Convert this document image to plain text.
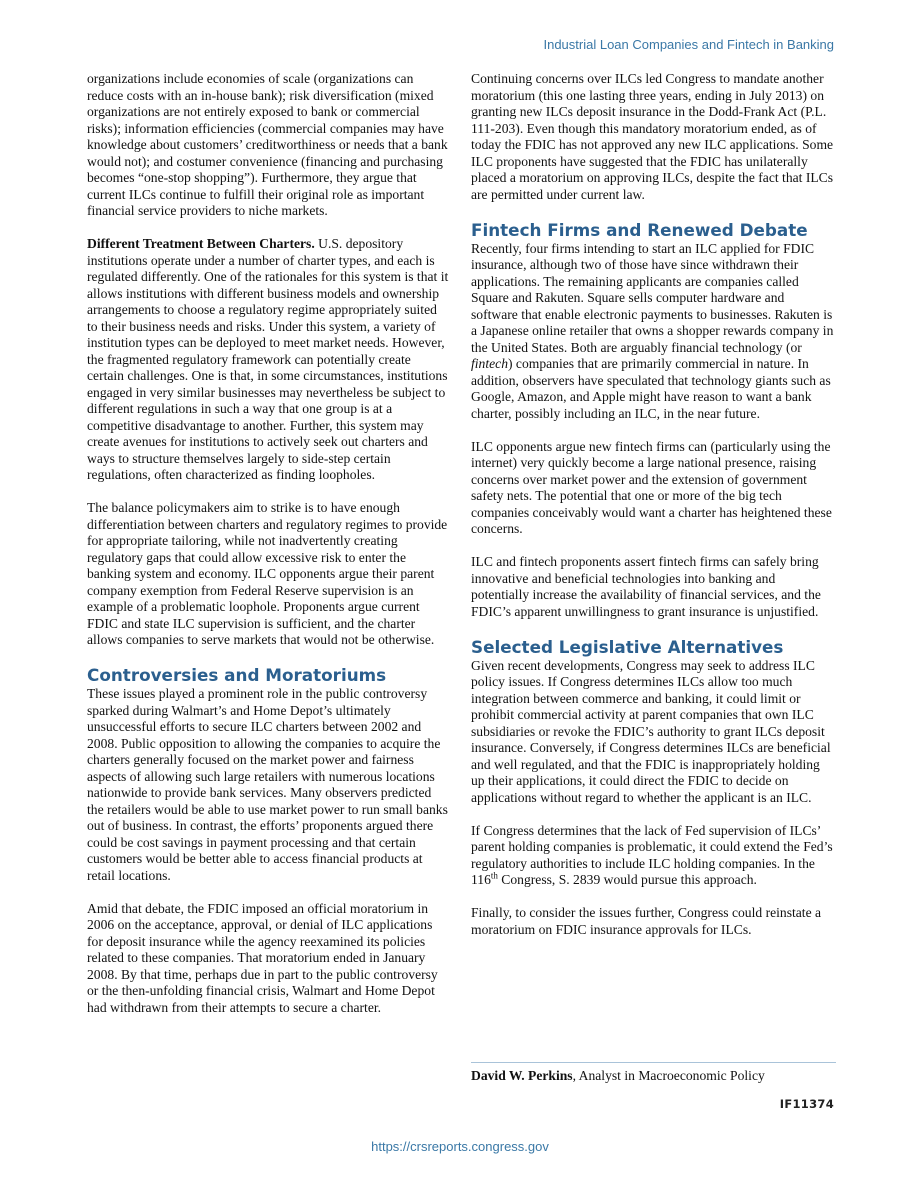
Industrial Loan Companies and Fintech in Banking

organizations include economies of scale (organizations can reduce costs with an in-house bank); risk diversification (mixed organizations are not entirely exposed to bank or commercial risks); information efficiencies (commercial companies may have knowledge about customers’ creditworthiness or needs that a bank would not); and costumer convenience (financing and purchasing becomes “one-stop shopping”). Furthermore, they argue that current ILCs continue to fulfill their original role as important financial service providers to niche markets.

Different Treatment Between Charters. U.S. depository institutions operate under a number of charter types, and each is regulated differently. One of the rationales for this system is that it allows institutions with different business models and ownership arrangements to choose a regulatory regime appropriately suited to their business needs and risks. Under this system, a variety of institution types can be deployed to meet market needs. However, the fragmented regulatory framework can potentially create certain challenges. One is that, in some circumstances, institutions engaged in very similar businesses may nevertheless be subject to different regulations in such a way that one group is at a competitive disadvantage to another. Further, this system may create avenues for institutions to actively seek out charters and ways to structure themselves largely to side-step certain regulations, often characterized as finding loopholes.

The balance policymakers aim to strike is to have enough differentiation between charters and regulatory regimes to provide for appropriate tailoring, while not inadvertently creating regulatory gaps that could allow excessive risk to enter the banking system and economy. ILC opponents argue their parent company exemption from Federal Reserve supervision is an example of a problematic loophole. Proponents argue current FDIC and state ILC supervision is sufficient, and the charter allows companies to serve markets that would not be otherwise.

Controversies and Moratoriums

These issues played a prominent role in the public controversy sparked during Walmart’s and Home Depot’s ultimately unsuccessful efforts to secure ILC charters between 2002 and 2008. Public opposition to allowing the companies to acquire the charters generally focused on the market power and fairness aspects of allowing such large retailers with numerous locations nationwide to provide bank services. Many observers predicted the retailers would be able to use market power to run small banks out of business. In contrast, the efforts’ proponents argued there could be cost savings in payment processing and that certain customers would be better able to access financial products at retail locations.

Amid that debate, the FDIC imposed an official moratorium in 2006 on the acceptance, approval, or denial of ILC applications for deposit insurance while the agency reexamined its policies related to these companies. That moratorium ended in January 2008. By that time, perhaps due in part to the public controversy or the then-unfolding financial crisis, Walmart and Home Depot had withdrawn from their attempts to secure a charter.

Continuing concerns over ILCs led Congress to mandate another moratorium (this one lasting three years, ending in July 2013) on granting new ILCs deposit insurance in the Dodd-Frank Act (P.L. 111-203). Even though this mandatory moratorium ended, as of today the FDIC has not approved any new ILC applications. Some ILC proponents have suggested that the FDIC has unilaterally placed a moratorium on approving ILCs, despite the fact that ILCs are permitted under current law.

Fintech Firms and Renewed Debate

Recently, four firms intending to start an ILC applied for FDIC insurance, although two of those have since withdrawn their applications. The remaining applicants are companies called Square and Rakuten. Square sells computer hardware and software that enable electronic payments to businesses. Rakuten is a Japanese online retailer that owns a shopper rewards company in the United States. Both are arguably financial technology (or fintech) companies that are primarily commercial in nature. In addition, observers have speculated that technology giants such as Google, Amazon, and Apple might have reason to want a bank charter, possibly including an ILC, in the near future.

ILC opponents argue new fintech firms can (particularly using the internet) very quickly become a large national presence, raising concerns over market power and the extension of government safety nets. The potential that one or more of the big tech companies conceivably would want a charter has heightened these concerns.

ILC and fintech proponents assert fintech firms can safely bring innovative and beneficial technologies into banking and potentially increase the availability of financial services, and the FDIC’s apparent unwillingness to grant insurance is unjustified.

Selected Legislative Alternatives

Given recent developments, Congress may seek to address ILC policy issues. If Congress determines ILCs allow too much integration between commerce and banking, it could limit or prohibit commercial activity at parent companies that own ILC subsidiaries or revoke the FDIC’s authority to grant ILCs deposit insurance. Conversely, if Congress determines ILCs are beneficial and well regulated, and that the FDIC is inappropriately holding up their applications, it could direct the FDIC to decide on applications without regard to whether the applicant is an ILC.

If Congress determines that the lack of Fed supervision of ILCs’ parent holding companies is problematic, it could extend the Fed’s regulatory authorities to include ILC holding companies. In the 116th Congress, S. 2839 would pursue this approach.

Finally, to consider the issues further, Congress could reinstate a moratorium on FDIC insurance approvals for ILCs.

David W. Perkins, Analyst in Macroeconomic Policy
IF11374
https://crsreports.congress.gov
